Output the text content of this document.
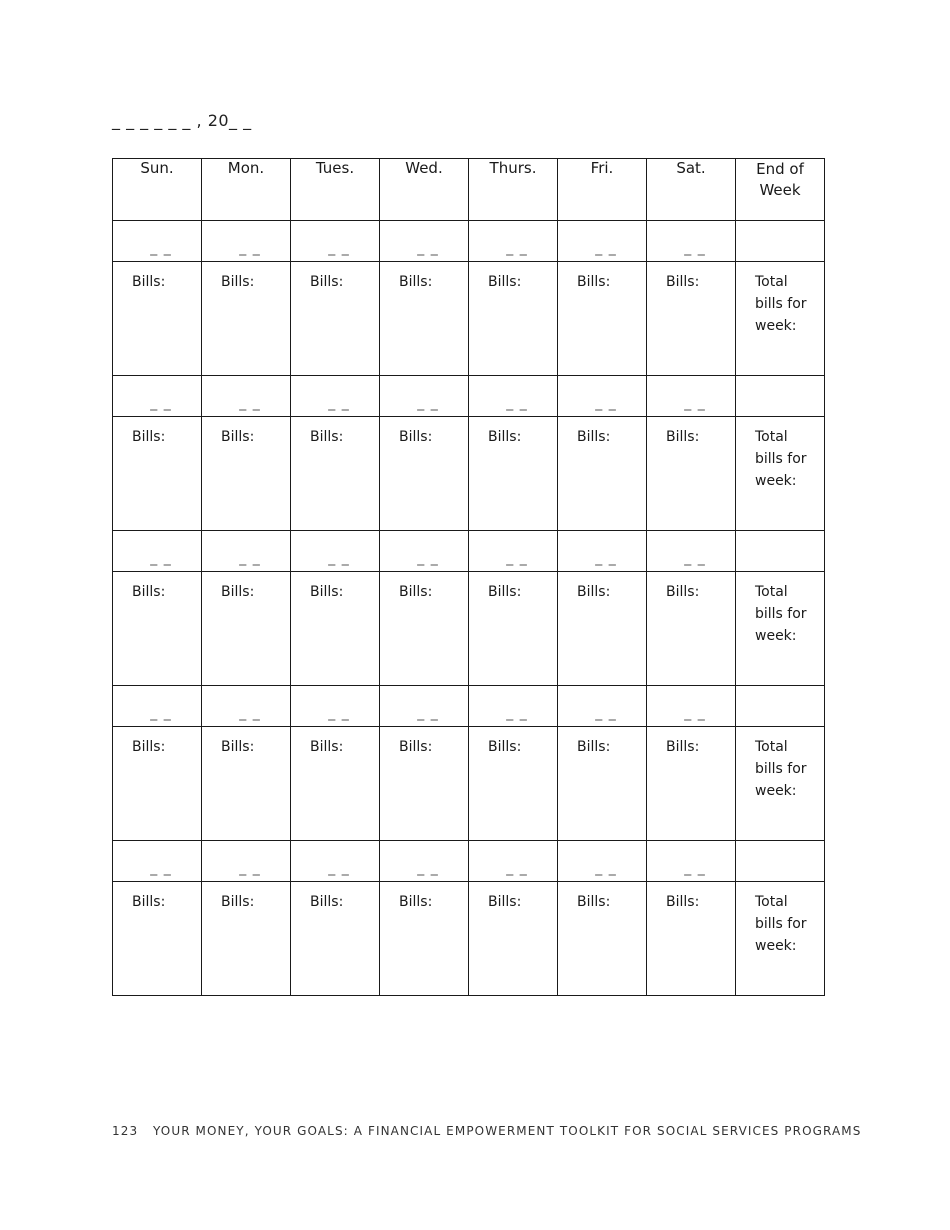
_ _ _ _ _ _ , 20_ _
Sun.	Mon.	Tues.	Wed.	Thurs.	Fri.	Sat.	End of
Week
_ _	_ _	_ _	_ _	_ _	_ _	_ _	
Bills:	Bills:	Bills:	Bills:	Bills:	Bills:	Bills:	Total
bills for
week:
_ _	_ _	_ _	_ _	_ _	_ _	_ _	
Bills:	Bills:	Bills:	Bills:	Bills:	Bills:	Bills:	Total
bills for
week:
_ _	_ _	_ _	_ _	_ _	_ _	_ _	
Bills:	Bills:	Bills:	Bills:	Bills:	Bills:	Bills:	Total
bills for
week:
_ _	_ _	_ _	_ _	_ _	_ _	_ _	
Bills:	Bills:	Bills:	Bills:	Bills:	Bills:	Bills:	Total
bills for
week:
_ _	_ _	_ _	_ _	_ _	_ _	_ _	
Bills:	Bills:	Bills:	Bills:	Bills:	Bills:	Bills:	Total
bills for
week:
123 YOUR MONEY, YOUR GOALS: A FINANCIAL EMPOWERMENT TOOLKIT FOR SOCIAL SERVICES PROGRAMS
